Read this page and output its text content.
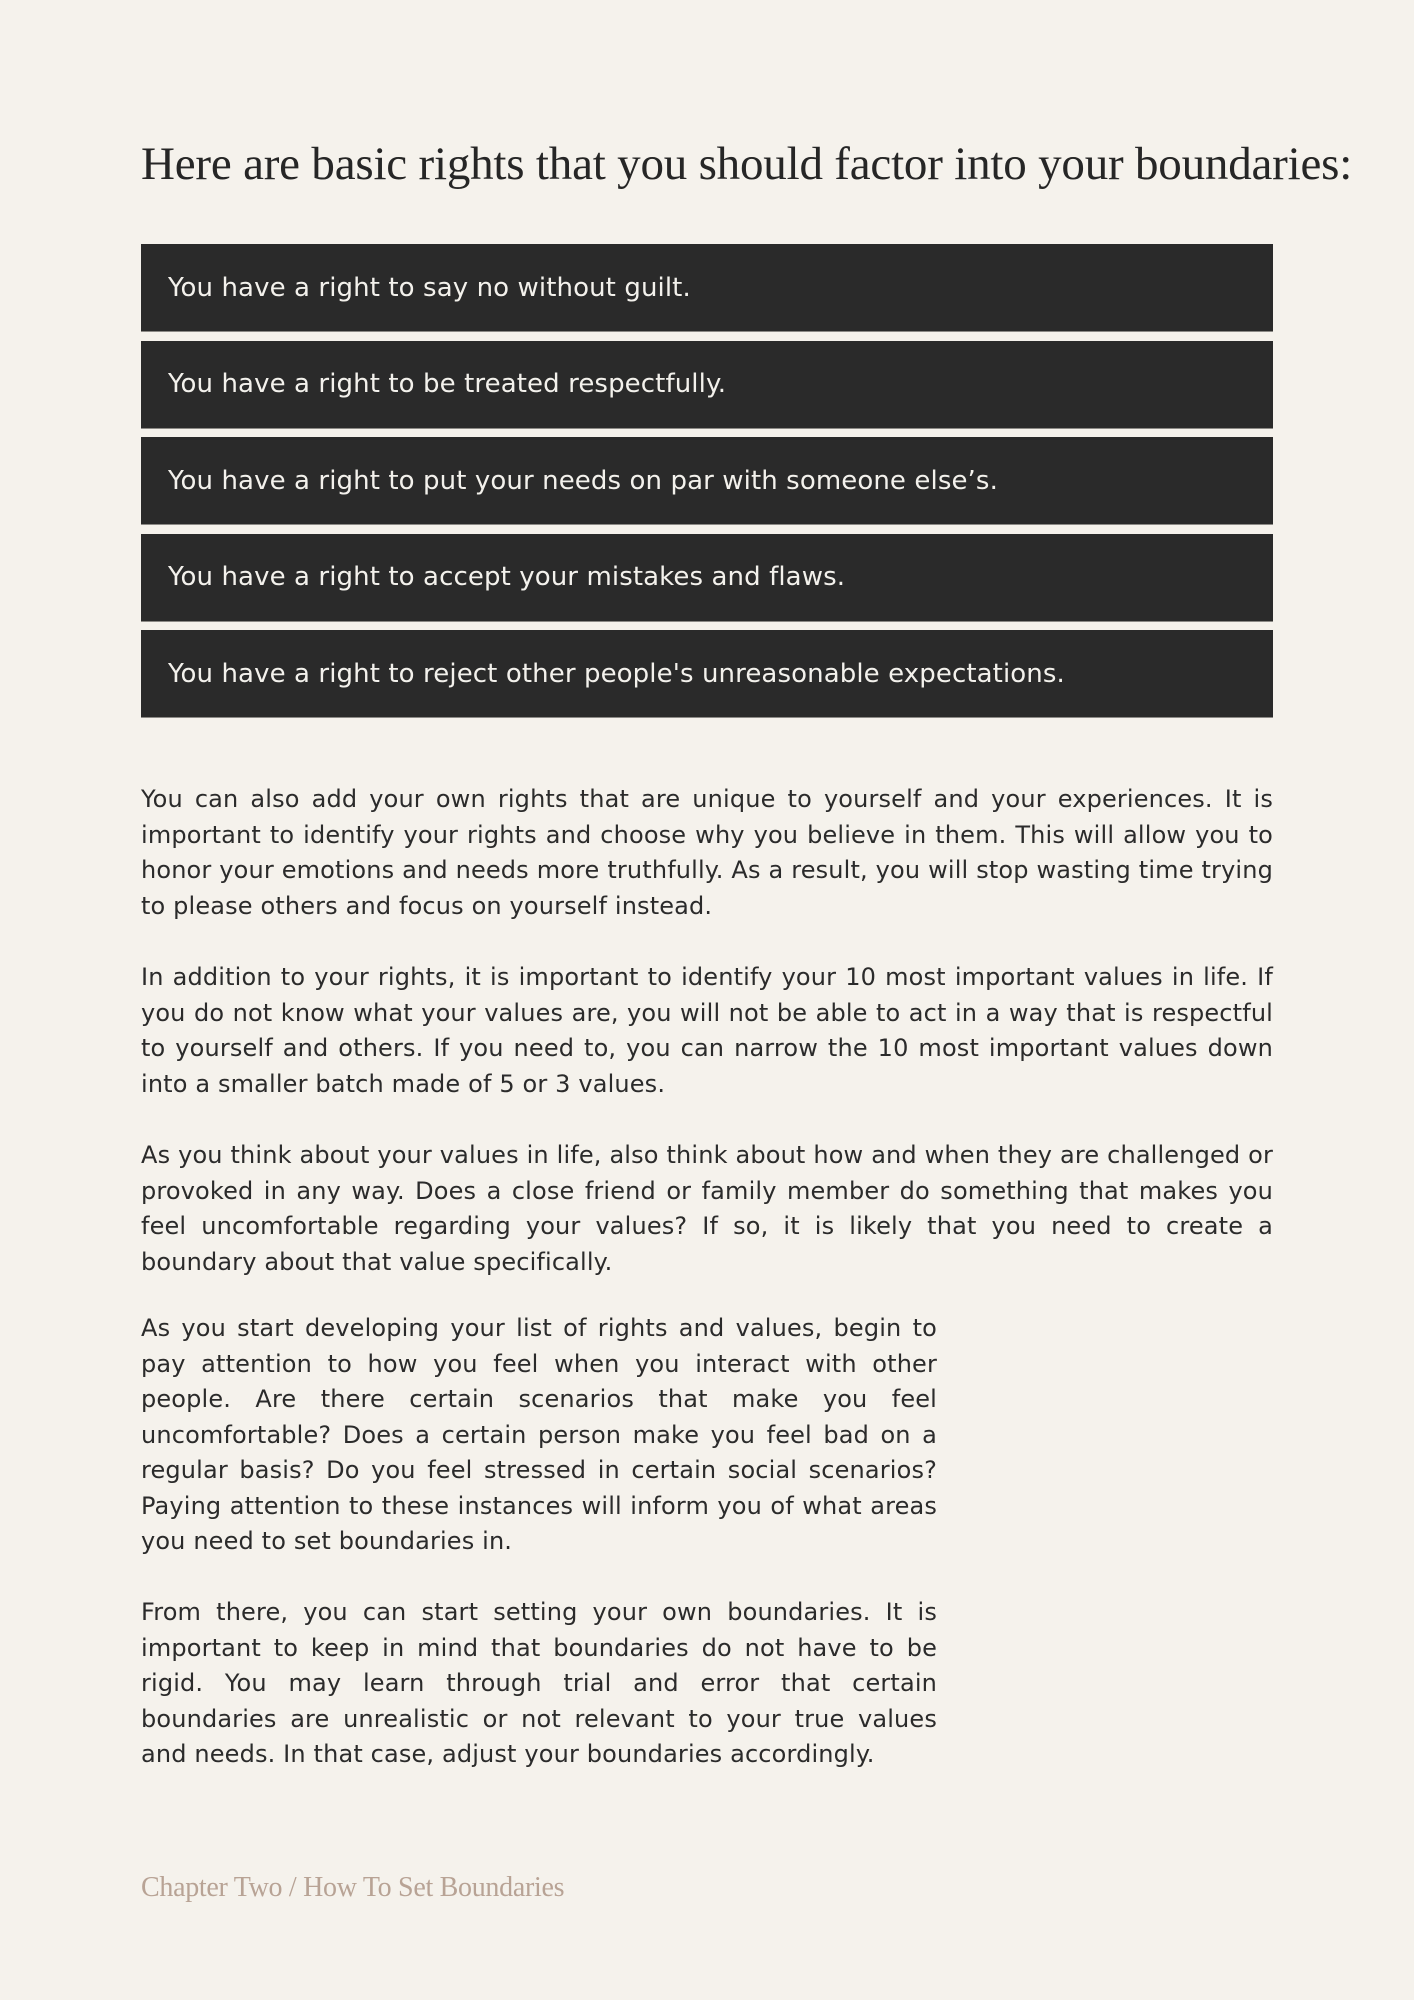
Here are basic rights that you should factor into your boundaries:
You have a right to say no without guilt.
You have a right to be treated respectfully.
You have a right to put your needs on par with someone else’s.
You have a right to accept your mistakes and flaws.
You have a right to reject other people's unreasonable expectations.

You can also add your own rights that are unique to yourself and your experiences. It is important to identify your rights and choose why you believe in them. This will allow you to honor your emotions and needs more truthfully. As a result, you will stop wasting time trying to please others and focus on yourself instead.

In addition to your rights, it is important to identify your 10 most important values in life. If you do not know what your values are, you will not be able to act in a way that is respectful to yourself and others. If you need to, you can narrow the 10 most important values down into a smaller batch made of 5 or 3 values.

As you think about your values in life, also think about how and when they are challenged or provoked in any way. Does a close friend or family member do something that makes you feel uncomfortable regarding your values? If so, it is likely that you need to create a boundary about that value specifically.

As you start developing your list of rights and values, begin to pay attention to how you feel when you interact with other people. Are there certain scenarios that make you feel uncomfortable? Does a certain person make you feel bad on a regular basis? Do you feel stressed in certain social scenarios? Paying attention to these instances will inform you of what areas you need to set boundaries in.

From there, you can start setting your own boundaries. It is important to keep in mind that boundaries do not have to be rigid. You may learn through trial and error that certain boundaries are unrealistic or not relevant to your true values and needs. In that case, adjust your boundaries accordingly.

Chapter Two / How To Set Boundaries
